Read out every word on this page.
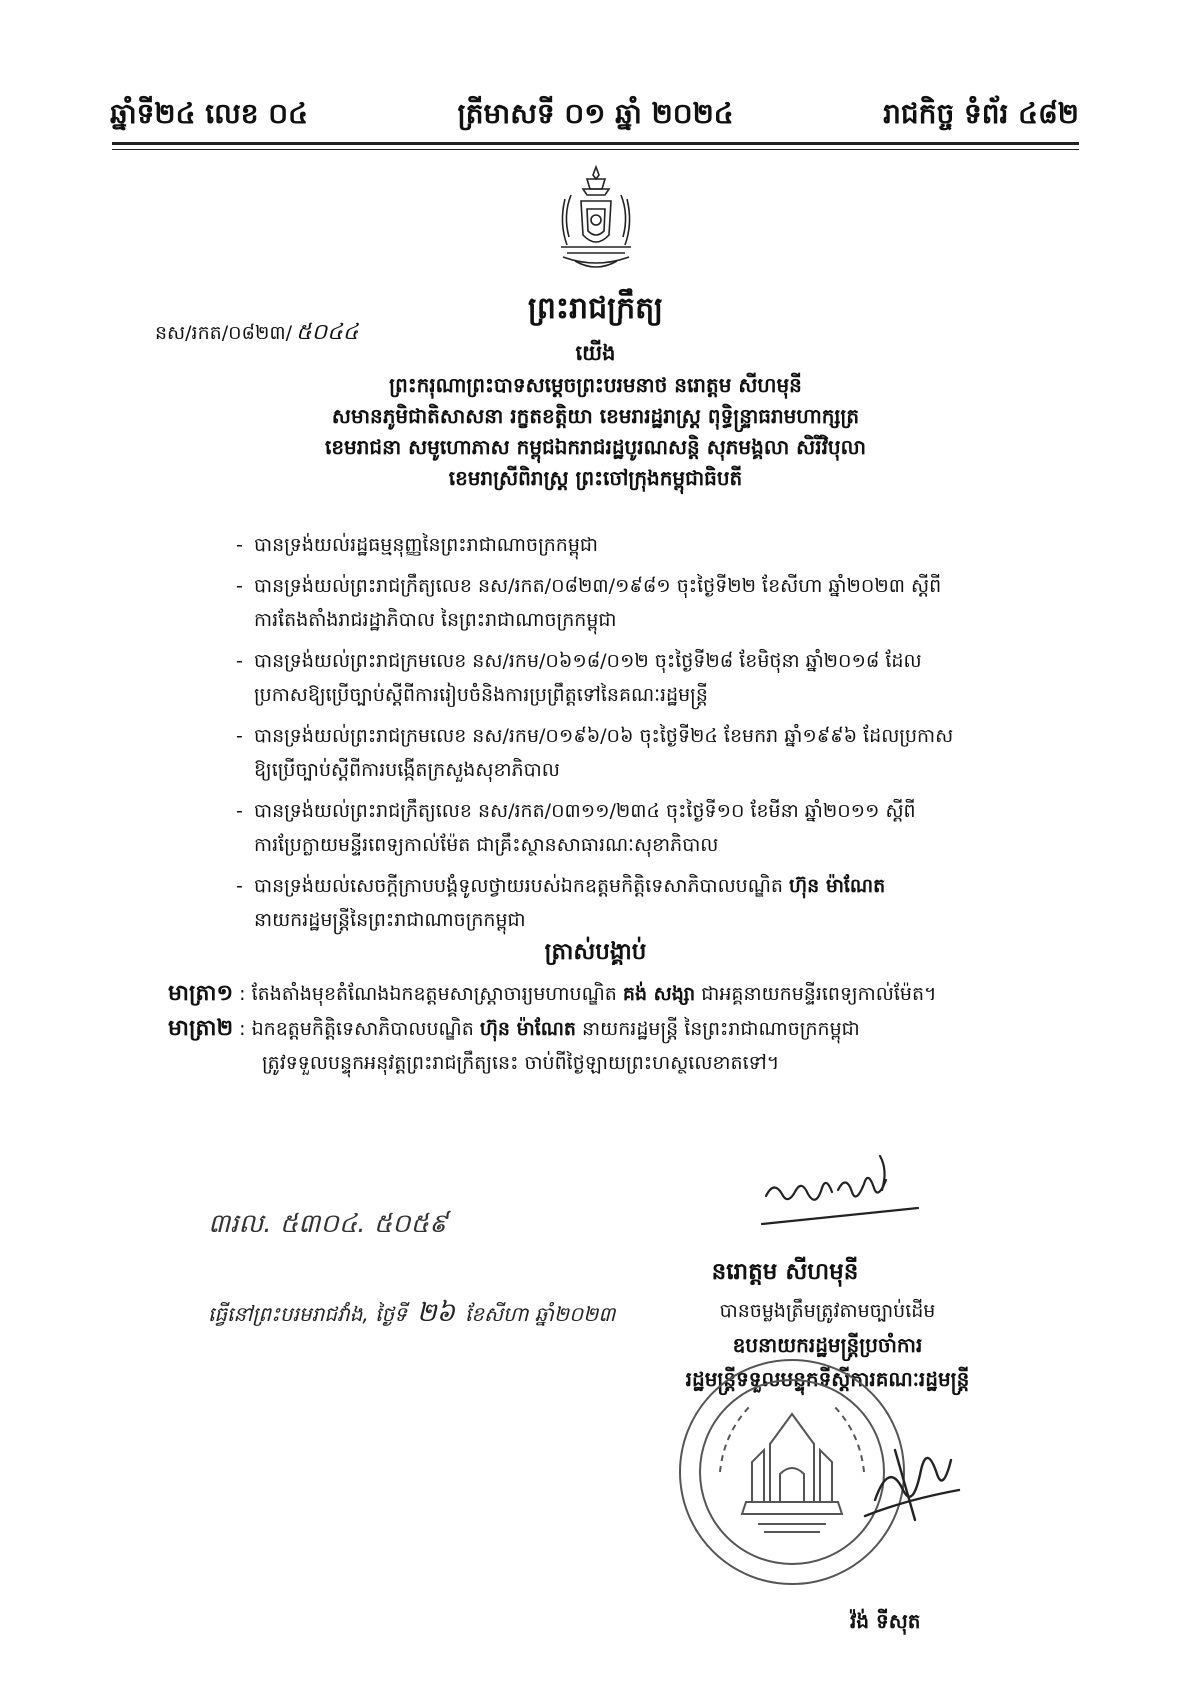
ឆ្នាំទី២៤ លេខ ០៤	ត្រីមាសទី ០១ ឆ្នាំ ២០២៤	រាជកិច្ច ទំព័រ ៤៨២
ព្រះរាជក្រឹត្យ
នស/រកត/០៨២៣/ ៥០៤៤
យើង
ព្រះករុណាព្រះបាទសម្ដេចព្រះបរមនាថ នរោត្តម សីហមុនី
សមានភូមិជាតិសាសនា រក្ខតខត្តិយា ខេមរារដ្ឋរាស្ត្រ ពុទ្ធិន្ទ្រាធរាមហាក្សត្រ
ខេមរាជនា សមូហោភាស កម្ពុជឯករាជរដ្ឋបូរណសន្តិ សុភមង្គលា សិរីវិបុលា
ខេមរាស្រីពិរាស្ត្រ ព្រះចៅក្រុងកម្ពុជាធិបតី
- បានទ្រង់យល់រដ្ឋធម្មនុញ្ញនៃព្រះរាជាណាចក្រកម្ពុជា
- បានទ្រង់យល់ព្រះរាជក្រឹត្យលេខ នស/រកត/០៨២៣/១៩៨១ ចុះថ្ងៃទី២២ ខែសីហា ឆ្នាំ២០២៣ ស្ដីពី
ការតែងតាំងរាជរដ្ឋាភិបាល នៃព្រះរាជាណាចក្រកម្ពុជា
- បានទ្រង់យល់ព្រះរាជក្រមលេខ នស/រកម/០៦១៨/០១២ ចុះថ្ងៃទី២៨ ខែមិថុនា ឆ្នាំ២០១៨ ដែល
ប្រកាសឱ្យប្រើច្បាប់ស្ដីពីការរៀបចំនិងការប្រព្រឹត្តទៅនៃគណៈរដ្ឋមន្ត្រី
- បានទ្រង់យល់ព្រះរាជក្រមលេខ នស/រកម/០១៩៦/០៦ ចុះថ្ងៃទី២៤ ខែមករា ឆ្នាំ១៩៩៦ ដែលប្រកាស
ឱ្យប្រើច្បាប់ស្ដីពីការបង្កើតក្រសួងសុខាភិបាល
- បានទ្រង់យល់ព្រះរាជក្រឹត្យលេខ នស/រកត/០៣១១/២៣៤ ចុះថ្ងៃទី១០ ខែមីនា ឆ្នាំ២០១១ ស្ដីពី
ការប្រែក្លាយមន្ទីរពេទ្យកាល់ម៉ែត ជាគ្រឹះស្ថានសាធារណៈសុខាភិបាល
- បានទ្រង់យល់សេចក្ដីក្រាបបង្គំទូលថ្វាយរបស់ឯកឧត្ដមកិត្តិទេសាភិបាលបណ្ឌិត ហ៊ុន ម៉ាណែត
នាយករដ្ឋមន្ត្រីនៃព្រះរាជាណាចក្រកម្ពុជា
ត្រាស់បង្គាប់
មាត្រា១ : តែងតាំងមុខតំណែងឯកឧត្ដមសាស្ត្រាចារ្យមហាបណ្ឌិត គង់ សង្សា ជាអគ្គនាយកមន្ទីរពេទ្យកាល់ម៉ែត។
មាត្រា២ : ឯកឧត្ដមកិត្តិទេសាភិបាលបណ្ឌិត ហ៊ុន ម៉ាណែត នាយករដ្ឋមន្ត្រី នៃព្រះរាជាណាចក្រកម្ពុជា
ត្រូវទទួលបន្ទុកអនុវត្តព្រះរាជក្រឹត្យនេះ ចាប់ពីថ្ងៃឡាយព្រះហស្ថលេខាតទៅ។
៣រល. ៥៣០៤. ៥០៥៩
ធ្វើនៅព្រះបរមរាជវាំង, ថ្ងៃទី ២៦ ខែសីហា ឆ្នាំ២០២៣
នរោត្តម សីហមុនី
បានចម្លងត្រឹមត្រូវតាមច្បាប់ដើម
ឧបនាយករដ្ឋមន្ត្រីប្រចាំការ
រដ្ឋមន្ត្រីទទួលបន្ទុកទីស្តីការគណៈរដ្ឋមន្ត្រី
វ៉ង់ ទីសុត
